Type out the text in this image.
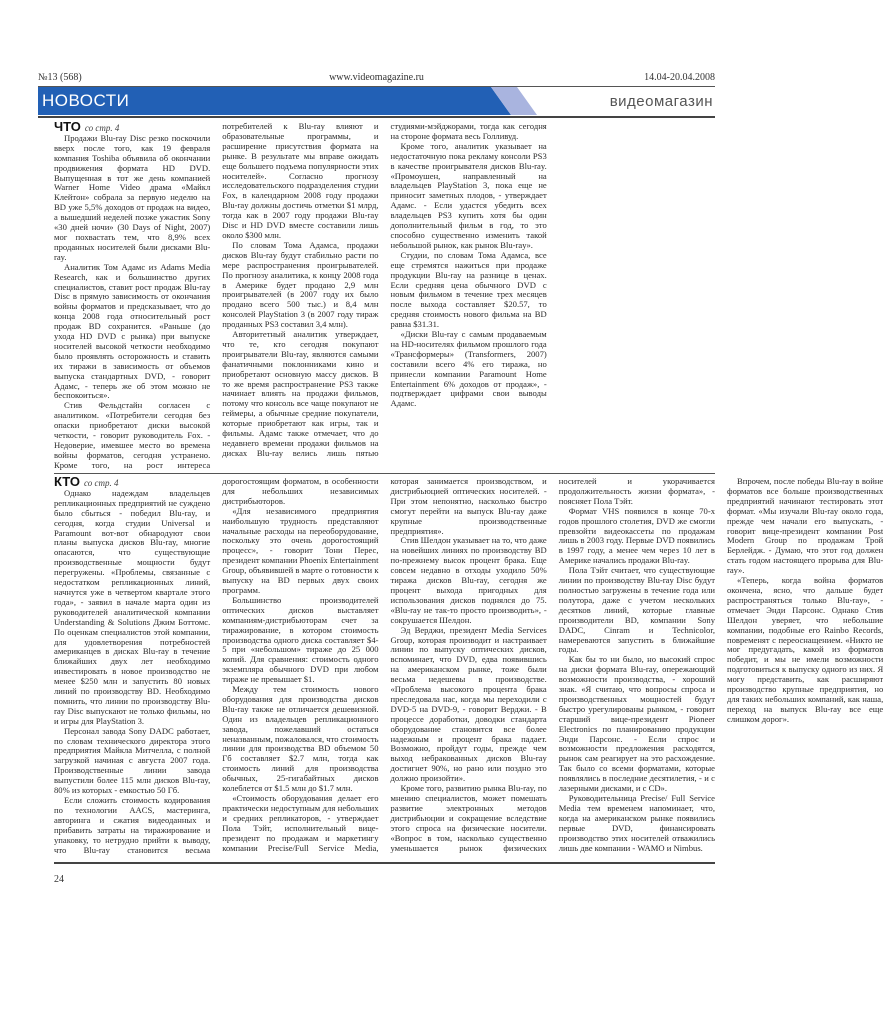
№13 (568)	www.videomagazine.ru	14.04-20.04.2008
НОВОСТИ	видеомагазин

ЧТО со стр. 4

Продажи Blu-ray Disc резко поскочили вверх после того, как 19 февраля компания Toshiba объявила об окончании продвижения формата HD DVD. Выпущенная в тот же день компанией Warner Home Video драма «Майкл Клейтон» собрала за первую неделю на BD уже 5,5% доходов от продаж на видео, а вышедший неделей позже ужастик Sony «30 дней ночи» (30 Days of Night, 2007) мог похвастать тем, что 8,9% всех проданных носителей были дисками Blu-ray.

Аналитик Том Адамс из Adams Media Research, как и большинство других специалистов, ставит рост продаж Blu-ray Disc в прямую зависимость от окончания войны форматов и предсказывает, что до конца 2008 года относительный рост продаж BD сохранится. «Раньше (до ухода HD DVD с рынка) при выпуске носителей высокой четкости необходимо было проявлять осторожность и ставить их тиражи в зависимость от объемов выпуска стандартных DVD, - говорит Адамс, - теперь же об этом можно не беспокоиться».

Стив Фельдстайн согласен с аналитиком. «Потребители сегодня без опаски приобретают диски высокой четкости, - говорит руководитель Fox. - Недоверие, имевшее место во времена войны форматов, сегодня устранено. Кроме того, на рост интереса потребителей к Blu-ray влияют и образовательные программы, и расширение присутствия формата на рынке. В результате мы вправе ожидать еще большего подъема популярности этих носителей». Согласно прогнозу исследовательского подразделения студии Fox, в календарном 2008 году продажи Blu-ray должны достичь отметки $1 млрд, тогда как в 2007 году продажи Blu-ray Disc и HD DVD вместе составили лишь около $300 млн.

По словам Тома Адамса, продажи дисков Blu-ray будут стабильно расти по мере распространения проигрывателей. По прогнозу аналитика, к концу 2008 года в Америке будет продано 2,9 млн проигрывателей (в 2007 году их было продано всего 500 тыс.) и 8,4 млн консолей PlayStation 3 (в 2007 году тираж проданных PS3 составил 3,4 млн).

Авторитетный аналитик утверждает, что те, кто сегодня покупают проигрыватели Blu-ray, являются самыми фанатичными поклонниками кино и приобретают основную массу дисков. В то же время распространение PS3 также начинает влиять на продажи фильмов, потому что консоль все чаще покупают не геймеры, а обычные средние покупатели, которые приобретают как игры, так и фильмы. Адамс также отмечает, что до недавнего времени продажи фильмов на дисках Blu-ray велись лишь пятью студиями-мэйджорами, тогда как сегодня на стороне формата весь Голливуд.

Кроме того, аналитик указывает на недостаточную пока рекламу консоли PS3 в качестве проигрывателя дисков Blu-ray. «Промоушен, направленный на владельцев PlayStation 3, пока еще не приносит заметных плодов, - утверждает Адамс. - Если удастся убедить всех владельцев PS3 купить хотя бы один дополнительный фильм в год, то это способно существенно изменить такой небольшой рынок, как рынок Blu-ray».

Студии, по словам Тома Адамса, все еще стремятся нажиться при продаже продукции Blu-ray на разнице в ценах. Если средняя цена обычного DVD с новым фильмом в течение трех месяцев после выхода составляет $20.57, то средняя стоимость нового фильма на BD равна $31.31.

«Диски Blu-ray с самым продаваемым на HD-носителях фильмом прошлого года «Трансформеры» (Transformers, 2007) составили всего 4% его тиража, но принесли компании Paramount Home Entertainment 6% доходов от продаж», - подтверждает цифрами свои выводы Адамс.

КТО со стр. 4

Однако надеждам владельцев репликационных предприятий не суждено было сбыться - победил Blu-ray, и сегодня, когда студии Universal и Paramount вот-вот обнародуют свои планы выпуска дисков Blu-ray, многие опасаются, что существующие производственные мощности будут перегружены. «Проблемы, связанные с недостатком репликационных линий, начнутся уже в четвертом квартале этого года», - заявил в начале марта один из руководителей аналитической компании Understanding & Solutions Джим Боттомс. По оценкам специалистов этой компании, для удовлетворения потребностей американцев в дисках Blu-ray в течение ближайших двух лет необходимо инвестировать в новое производство не менее $250 млн и запустить 80 новых линий по производству BD. Необходимо помнить, что линии по производству Blu-ray Disc выпускают не только фильмы, но и игры для PlayStation 3.

Персонал завода Sony DADC работает, по словам технического директора этого предприятия Майкла Митчелла, с полной загрузкой начиная с августа 2007 года. Производственные линии завода выпустили более 115 млн дисков Blu-ray, 80% из которых - емкостью 50 Гб.

Если сложить стоимость кодирования по технологии AACS, мастеринга, авторинга и сжатия видеоданных и прибавить затраты на тиражирование и упаковку, то нетрудно прийти к выводу, что Blu-ray становится весьма дорогостоящим форматом, в особенности для небольших независимых дистрибьюторов.

«Для независимого предприятия наибольшую трудность представляют начальные расходы на переоборудование, поскольку это очень дорогостоящий процесс», - говорит Тони Перес, президент компании Phoenix Entertainment Group, объявившей в марте о готовности к выпуску на BD первых двух своих программ.

Большинство производителей оптических дисков выставляет компаниям-дистрибьюторам счет за тиражирование, в котором стоимость производства одного диска составляет $4-5 при «небольшом» тираже до 25 000 копий. Для сравнения: стоимость одного экземпляра обычного DVD при любом тираже не превышает $1.

Между тем стоимость нового оборудования для производства дисков Blu-ray также не отличается дешевизной. Один из владельцев репликационного завода, пожелавший остаться неназванным, пожаловался, что стоимость линии для производства BD объемом 50 Гб составляет $2.7 млн, тогда как стоимость линий для производства обычных, 25-гигабайтных дисков колеблется от $1.5 млн до $1.7 млн.

«Стоимость оборудования делает его практически недоступным для небольших и средних репликаторов, - утверждает Пола Тэйт, исполнительный вице-президент по продажам и маркетингу компании Precise/Full Service Media, которая занимается производством, и дистрибьюцией оптических носителей. - При этом непонятно, насколько быстро смогут перейти на выпуск Blu-ray даже крупные производственные предприятия».

Стив Шелдон указывает на то, что даже на новейших линиях по производству BD по-прежнему высок процент брака. Еще совсем недавно в отходы уходило 50% тиража дисков Blu-ray, сегодня же процент выхода пригодных для использования дисков поднялся до 75. «Blu-ray не так-то просто производить», - сокрушается Шелдон.

Эд Верджи, президент Media Services Group, которая производит и настраивает линии по выпуску оптических дисков, вспоминает, что DVD, едва появившись на американском рынке, тоже были весьма недешевы в производстве. «Проблема высокого процента брака преследовала нас, когда мы переходили с DVD-5 на DVD-9, - говорит Верджи. - В процессе доработки, доводки стандарта оборудование становится все более надежным и процент брака падает. Возможно, пройдут годы, прежде чем выход небракованных дисков Blu-ray достигнет 90%, но рано или поздно это должно произойти».

Кроме того, развитию рынка Blu-ray, по мнению специалистов, может помешать развитие электронных методов дистрибьюции и сокращение вследствие этого спроса на физические носители. «Вопрос в том, насколько существенно уменьшается рынок физических носителей и укорачивается продолжительность жизни формата», - поясняет Пола Тэйт.

Формат VHS появился в конце 70-х годов прошлого столетия, DVD же смогли превзойти видеокассеты по продажам лишь в 2003 году. Первые DVD появились в 1997 году, а менее чем через 10 лет в Америке начались продажи Blu-ray.

Пола Тэйт считает, что существующие линии по производству Blu-ray Disc будут полностью загружены в течение года или полутора, даже с учетом нескольких десятков линий, которые главные производители BD, компании Sony DADC, Cinram и Technicolor, намереваются запустить в ближайшие годы.

Как бы то ни было, но высокий спрос на диски формата Blu-ray, опережающий возможности производства, - хороший знак. «Я считаю, что вопросы спроса и производственных мощностей будут быстро урегулированы рынком, - говорит старший вице-президент Pioneer Electronics по планированию продукции Энди Парсонс. - Если спрос и возможности предложения расходятся, рынок сам реагирует на это расхождение. Так было со всеми форматами, которые появлялись в последние десятилетия, - и с лазерными дисками, и с CD».

Руководительница Precise/ Full Service Media тем временем напоминает, что, когда на американском рынке появились первые DVD, финансировать производство этих носителей отважились лишь две компании - WAMO и Nimbus.

Впрочем, после победы Blu-ray в войне форматов все больше производственных предприятий начинают тестировать этот формат. «Мы изучали Blu-ray около года, прежде чем начали его выпускать, - говорит вице-президент компании Post Modern Group по продажам Трой Берлейдж. - Думаю, что этот год должен стать годом настоящего прорыва для Blu-ray».

«Теперь, когда война форматов окончена, ясно, что дальше будет распространяться только Blu-ray», - отмечает Энди Парсонс. Однако Стив Шелдон уверяет, что небольшие компании, подобные его Rainbo Records, повременят с переоснащением. «Никто не мог предугадать, какой из форматов победит, и мы не имели возможности подготовиться к выпуску одного из них. Я могу представить, как расширяют производство крупные предприятия, но для таких небольших компаний, как наша, переход на выпуск Blu-ray все еще слишком дорог».

24
